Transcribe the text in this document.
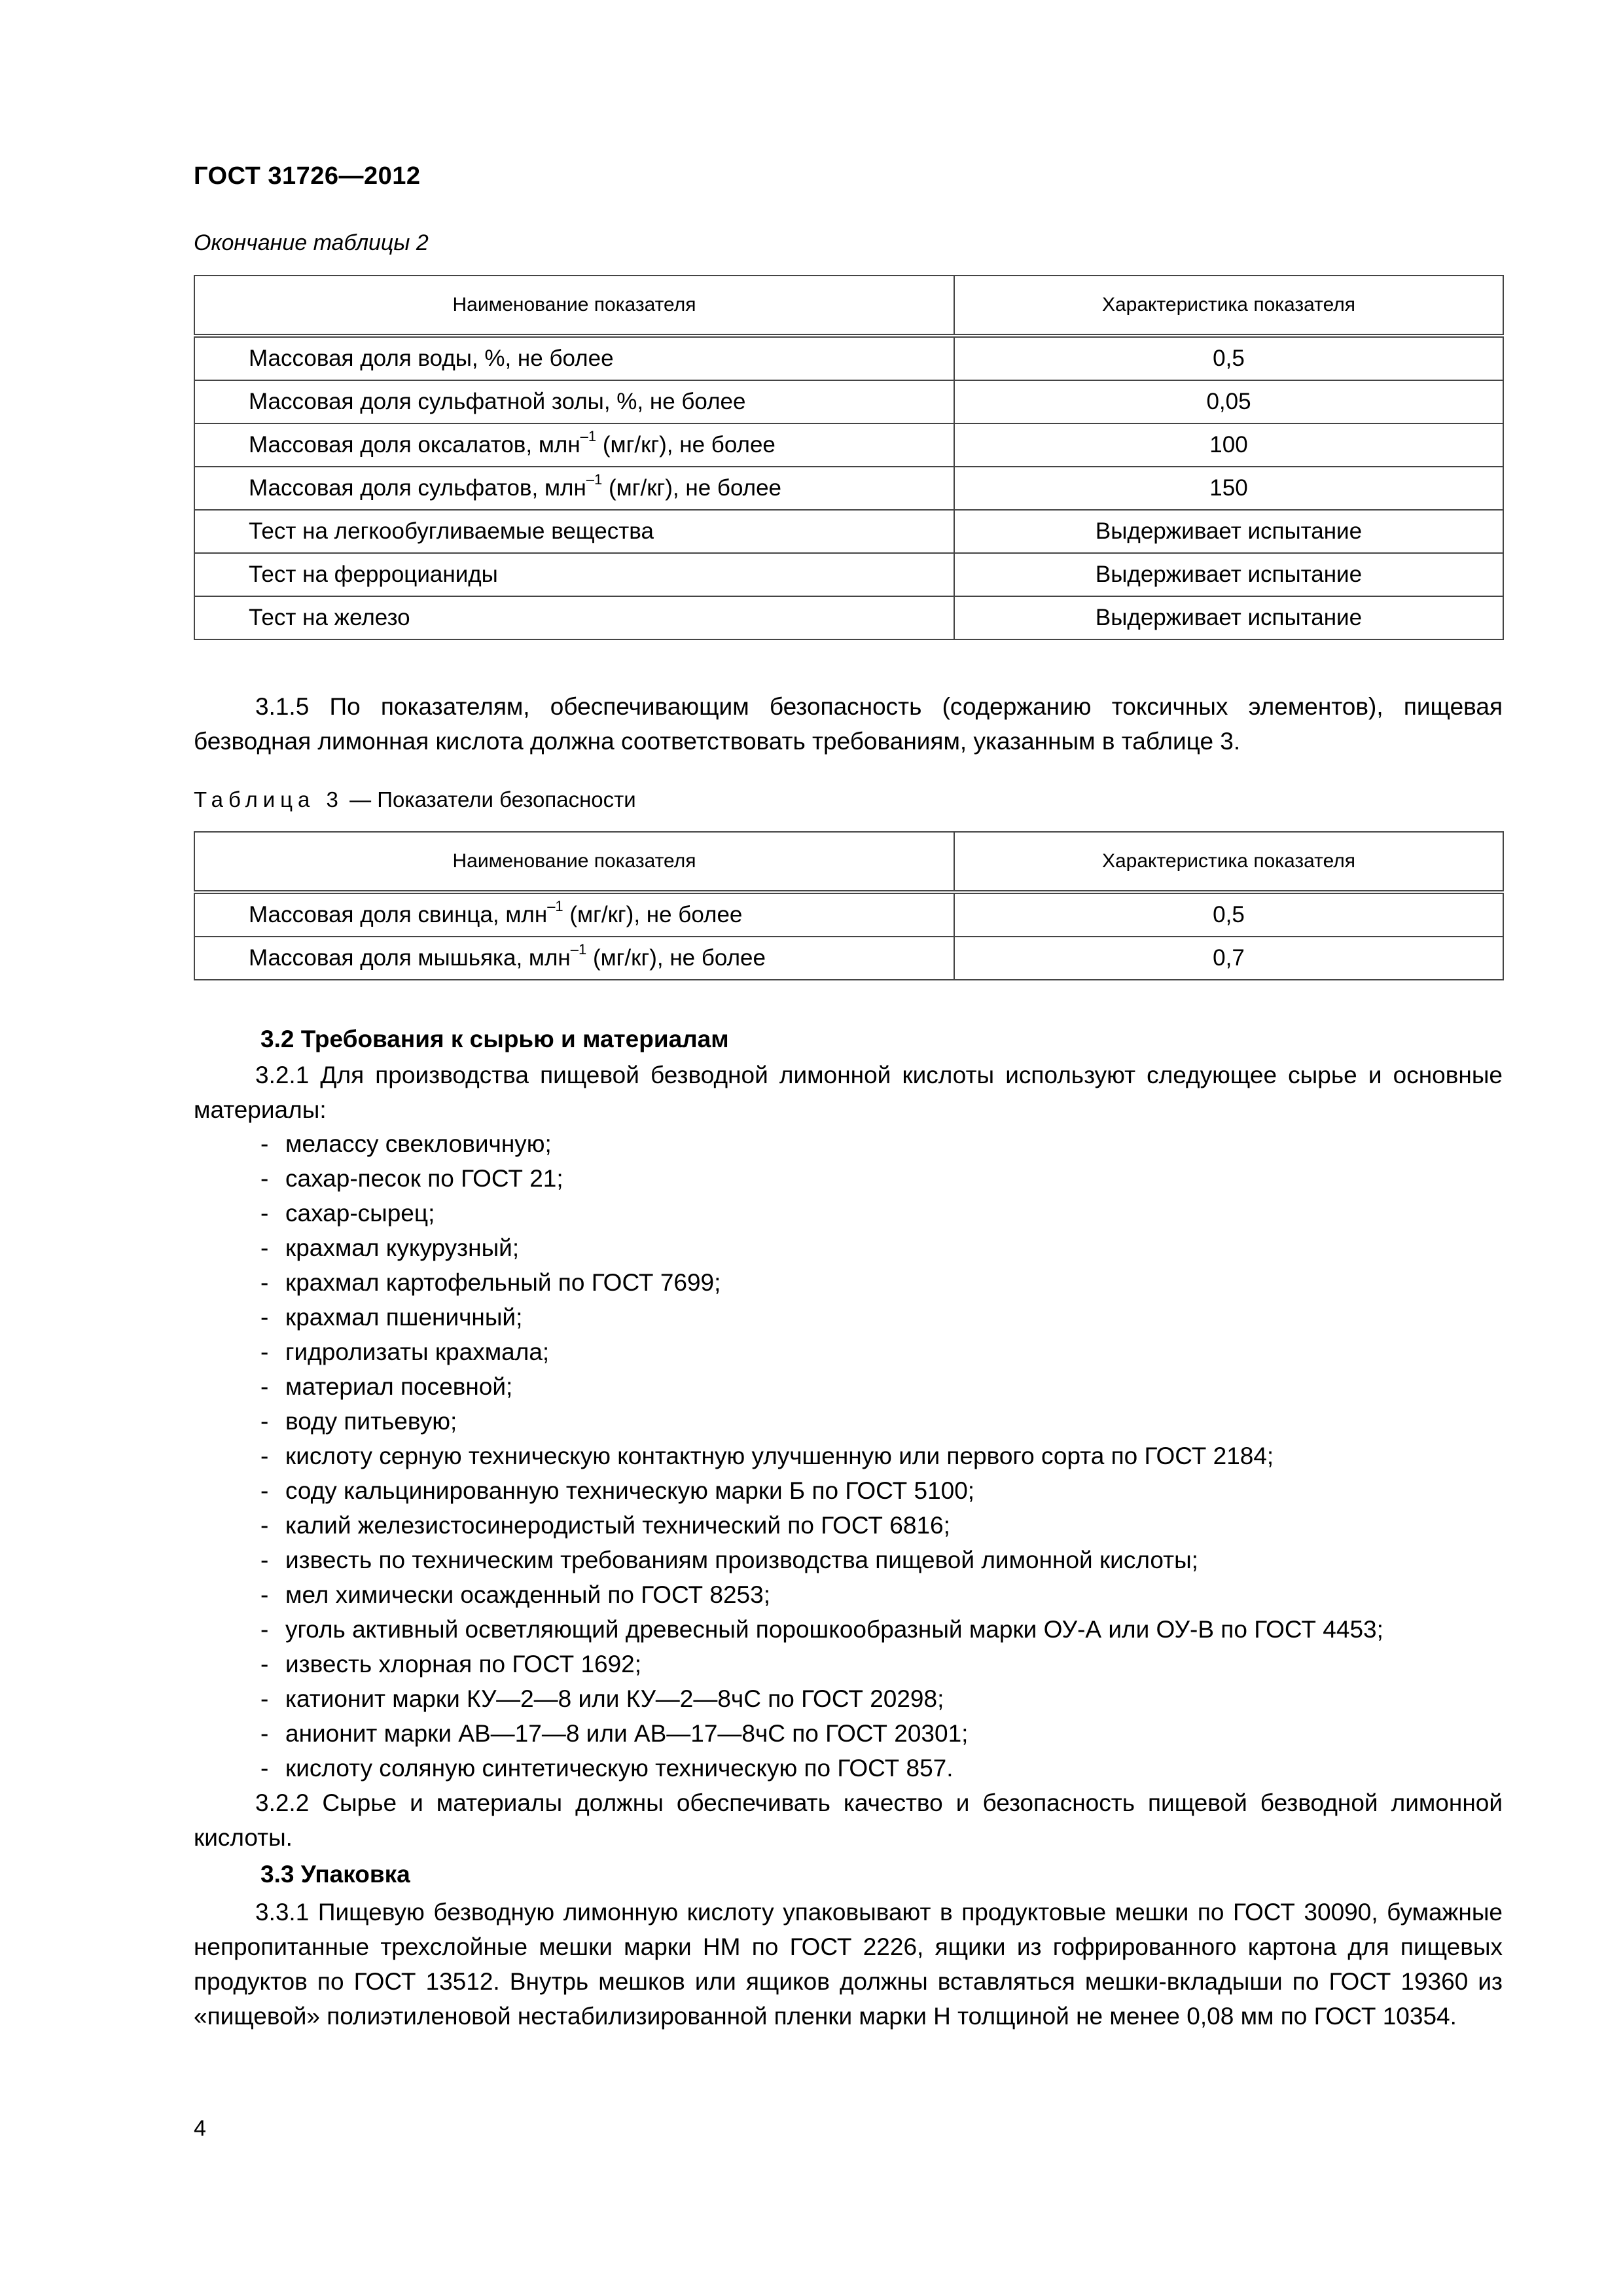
ГОСТ 31726—2012
Окончание таблицы 2
Наименование показателя	Характеристика показателя
Массовая доля воды, %, не более	0,5
Массовая доля сульфатной золы, %, не более	0,05
Массовая доля оксалатов, млн$^{-1}$ (мг/кг), не более	100
Массовая доля сульфатов, млн$^{-1}$ (мг/кг), не более	150
Тест на легкообугливаемые вещества	Выдерживает испытание
Тест на ферроцианиды	Выдерживает испытание
Тест на железо	Выдерживает испытание
3.1.5 По показателям, обеспечивающим безопасность (содержанию токсичных элементов), пищевая безводная лимонная кислота должна соответствовать требованиям, указанным в таблице 3.
Таблица 3 — Показатели безопасности
Наименование показателя	Характеристика показателя
Массовая доля свинца, млн$^{-1}$ (мг/кг), не более	0,5
Массовая доля мышьяка, млн$^{-1}$ (мг/кг), не более	0,7
3.2 Требования к сырью и материалам
3.2.1 Для производства пищевой безводной лимонной кислоты используют следующее сырье и основные материалы:
- мелассу свекловичную;
- сахар-песок по ГОСТ 21;
- сахар-сырец;
- крахмал кукурузный;
- крахмал картофельный по ГОСТ 7699;
- крахмал пшеничный;
- гидролизаты крахмала;
- материал посевной;
- воду питьевую;
- кислоту серную техническую контактную улучшенную или первого сорта по ГОСТ 2184;
- соду кальцинированную техническую марки Б по ГОСТ 5100;
- калий железистосинеродистый технический по ГОСТ 6816;
- известь по техническим требованиям производства пищевой лимонной кислоты;
- мел химически осажденный по ГОСТ 8253;
- уголь активный осветляющий древесный порошкообразный марки ОУ-А или ОУ-В по ГОСТ 4453;
- известь хлорная по ГОСТ 1692;
- катионит марки КУ—2—8 или КУ—2—8чС по ГОСТ 20298;
- анионит марки АВ—17—8 или АВ—17—8чС по ГОСТ 20301;
- кислоту соляную синтетическую техническую по ГОСТ 857.
3.2.2 Сырье и материалы должны обеспечивать качество и безопасность пищевой безводной лимонной кислоты.
3.3 Упаковка
3.3.1 Пищевую безводную лимонную кислоту упаковывают в продуктовые мешки по ГОСТ 30090, бумажные непропитанные трехслойные мешки марки НМ по ГОСТ 2226, ящики из гофрированного картона для пищевых продуктов по ГОСТ 13512. Внутрь мешков или ящиков должны вставляться мешки-вкладыши по ГОСТ 19360 из «пищевой» полиэтиленовой нестабилизированной пленки марки Н толщиной не менее 0,08 мм по ГОСТ 10354.
4
